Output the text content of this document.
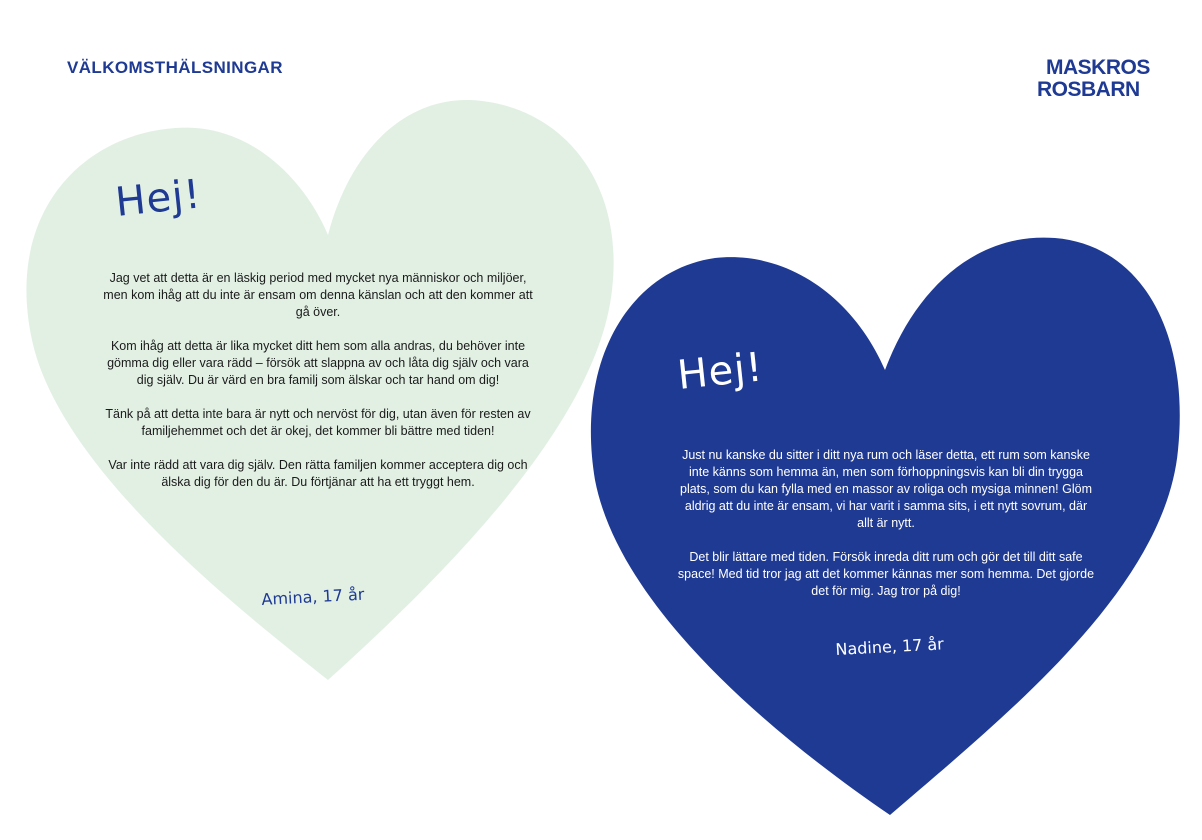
VÄLKOMSTHÄLSNINGAR	MASKROS
ROSBARN
Hej!

Jag vet att detta är en läskig period med mycket nya människor och miljöer, men kom ihåg att du inte är ensam om denna känslan och att den kommer att gå över.

Kom ihåg att detta är lika mycket ditt hem som alla andras, du behöver inte gömma dig eller vara rädd – försök att slappna av och låta dig själv och vara dig själv. Du är värd en bra familj som älskar och tar hand om dig!

Tänk på att detta inte bara är nytt och nervöst för dig, utan även för resten av familjehemmet och det är okej, det kommer bli bättre med tiden!

Var inte rädd att vara dig själv. Den rätta familjen kommer acceptera dig och älska dig för den du är. Du förtjänar att ha ett tryggt hem.

Amina, 17 år

Hej!

Just nu kanske du sitter i ditt nya rum och läser detta, ett rum som kanske inte känns som hemma än, men som förhoppningsvis kan bli din trygga plats, som du kan fylla med en massor av roliga och mysiga minnen! Glöm aldrig att du inte är ensam, vi har varit i samma sits, i ett nytt sovrum, där allt är nytt.

Det blir lättare med tiden. Försök inreda ditt rum och gör det till ditt safe space! Med tid tror jag att det kommer kännas mer som hemma. Det gjorde det för mig. Jag tror på dig!

Nadine, 17 år
